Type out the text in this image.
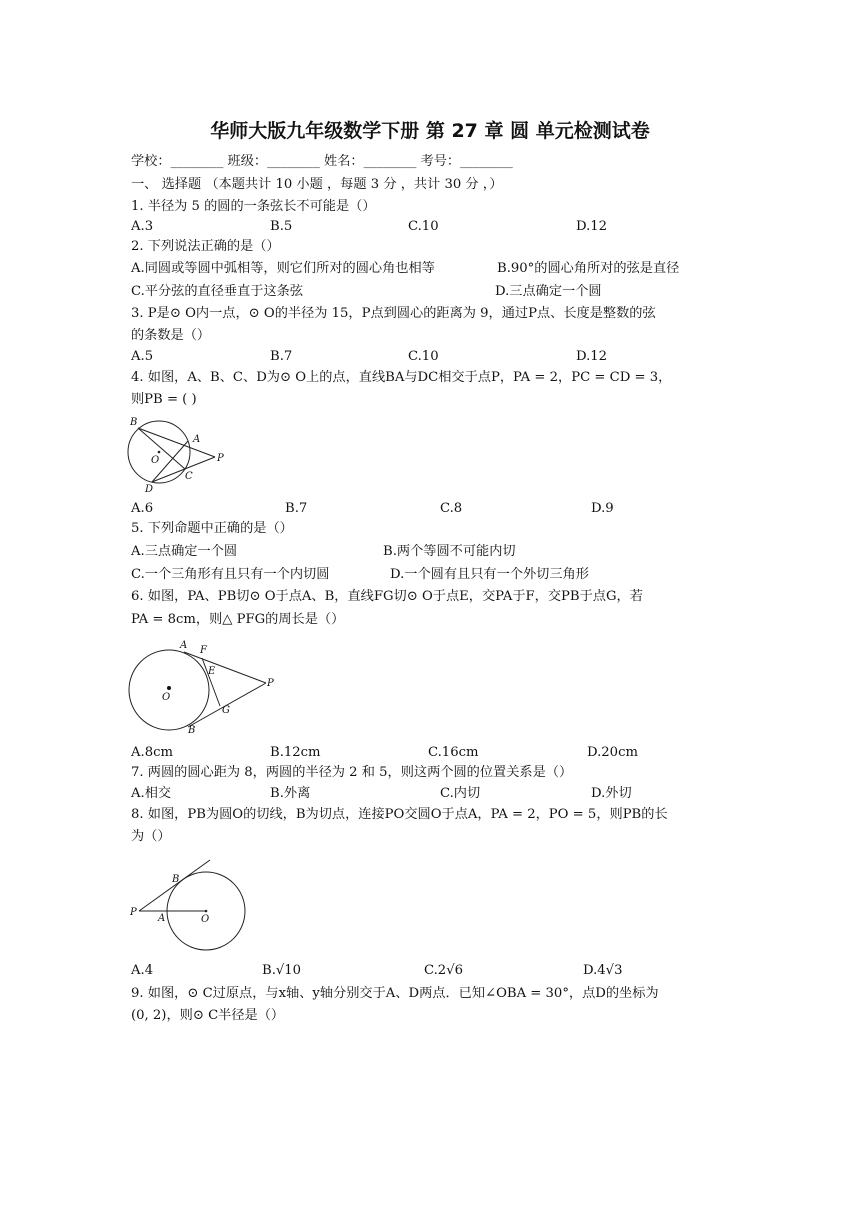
华师大版九年级数学下册 第 27 章 圆 单元检测试卷
学校：________ 班级：________ 姓名：________ 考号：________
一、 选择题 （本题共计 10 小题 ，每题 3 分 ，共计 30 分 ，）
1. 半径为 5 的圆的一条弦长不可能是（）
A.3	B.5	C.10	D.12
2. 下列说法正确的是（）
A.同圆或等圆中弧相等，则它们所对的圆心角也相等	B.90°的圆心角所对的弦是直径
C.平分弦的直径垂直于这条弦	D.三点确定一个圆
3. P是⊙ O内一点，⊙ O的半径为 15，P点到圆心的距离为 9，通过P点、长度是整数的弦
的条数是（）
A.5	B.7	C.10	D.12
4. 如图，A、B、C、D为⊙ O上的点，直线BA与DC相交于点P，PA = 2，PC = CD = 3，
则PB = ( )
B
A
O	P
D
C
A.6	B.7	C.8	D.9
5. 下列命题中正确的是（）
A.三点确定一个圆	B.两个等圆不可能内切
C.一个三角形有且只有一个内切圆	D.一个圆有且只有一个外切三角形
6. 如图，PA、PB切⊙ O于点A、B，直线FG切⊙ O于点E，交PA于F，交PB于点G，若
PA = 8cm，则△ PFG的周长是（）
A F
E
P
O
G
B
A.8cm	B.12cm	C.16cm	D.20cm
7. 两圆的圆心距为 8，两圆的半径为 2 和 5，则这两个圆的位置关系是（）
A.相交	B.外离	C.内切	D.外切
8. 如图，PB为圆O的切线，B为切点，连接PO交圆O于点A，PA = 2，PO = 5，则PB的长
为（）
B
P
A	O
A.4	B.√10	C.2√6	D.4√3
9. 如图，⊙ C过原点，与x轴、y轴分别交于A、D两点．已知∠OBA = 30°，点D的坐标为
(0, 2)，则⊙ C半径是（）
